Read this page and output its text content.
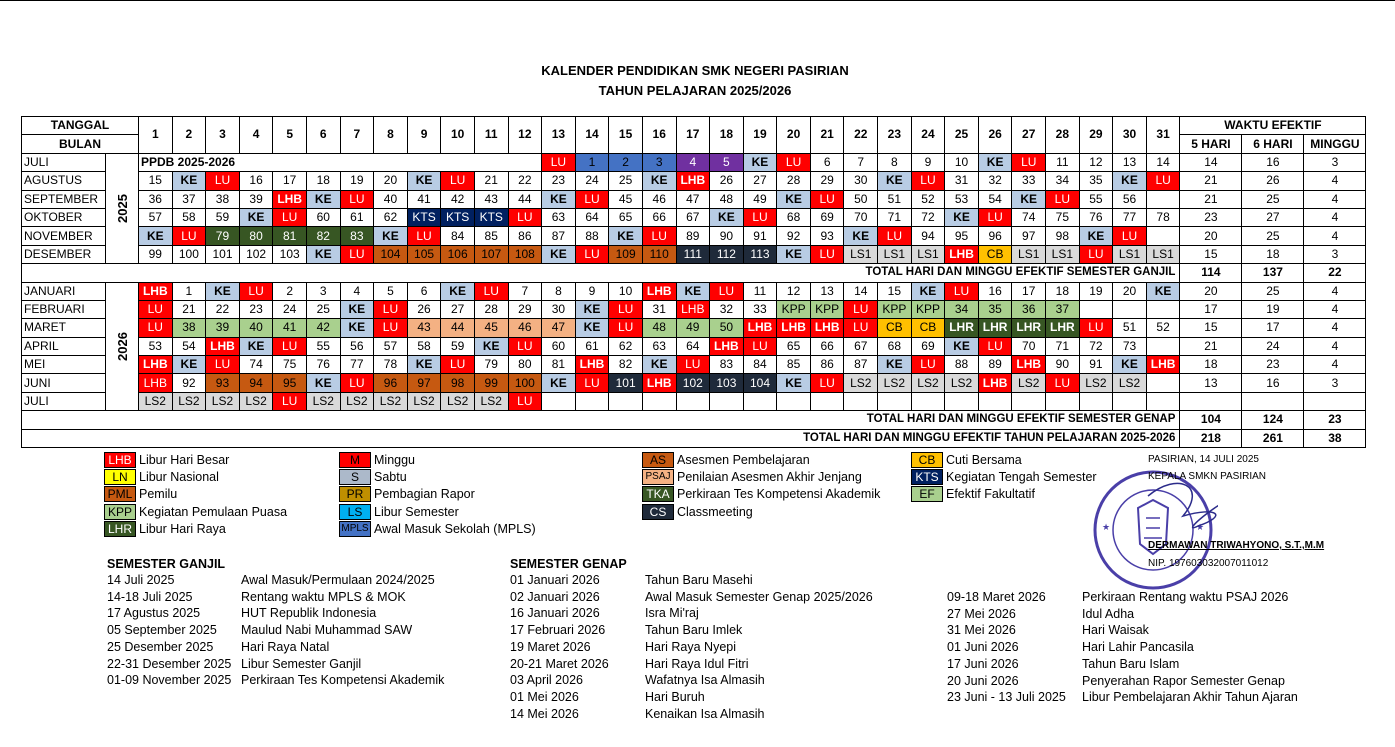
KALENDER PENDIDIKAN SMK NEGERI PASIRIAN
TAHUN PELAJARAN 2025/2026
TANGGAL		1	2	3	4	5	6	7	8	9	10	11	12	13	14	15	16	17	18	19	20	21	22	23	24	25	26	27	28	29	30	31	WAKTU EFEKTIF		
BULAN																																	5 HARI	6 HARI	MINGGU
JULI	2025	PPDB 2025-2026												LU	1	2	3	4	5	KE	LU	6	7	8	9	10	KE	LU	11	12	13	14	14	16	3
AGUSTUS		15	KE	LU	16	17	18	19	20	KE	LU	21	22	23	24	25	KE	LHB	26	27	28	29	30	KE	LU	31	32	33	34	35	KE	LU	21	26	4
SEPTEMBER		36	37	38	39	LHB	KE	LU	40	41	42	43	44	KE	LU	45	46	47	48	49	KE	LU	50	51	52	53	54	KE	LU	55	56		21	25	4
OKTOBER		57	58	59	KE	LU	60	61	62	KTS	KTS	KTS	LU	63	64	65	66	67	KE	LU	68	69	70	71	72	KE	LU	74	75	76	77	78	23	27	4
NOVEMBER		KE	LU	79	80	81	82	83	KE	LU	84	85	86	87	88	KE	LU	89	90	91	92	93	KE	LU	94	95	96	97	98	KE	LU		20	25	4
DESEMBER		99	100	101	102	103	KE	LU	104	105	106	107	108	KE	LU	109	110	111	112	113	KE	LU	LS1	LS1	LS1	LHB	CB	LS1	LS1	LU	LS1	LS1	15	18	3
TOTAL HARI DAN MINGGU EFEKTIF SEMESTER GANJIL																																	114	137	22
JANUARI	2026	LHB	1	KE	LU	2	3	4	5	6	KE	LU	7	8	9	10	LHB	KE	LU	11	12	13	14	15	KE	LU	16	17	18	19	20	KE	20	25	4
FEBRUARI		LU	21	22	23	24	25	KE	LU	26	27	28	29	30	KE	LU	31	LHB	32	33	KPP	KPP	LU	KPP	KPP	34	35	36	37				17	19	4
MARET		LU	38	39	40	41	42	KE	LU	43	44	45	46	47	KE	LU	48	49	50	LHB	LHB	LHB	LU	CB	CB	LHR	LHR	LHR	LHR	LU	51	52	15	17	4
APRIL		53	54	LHB	KE	LU	55	56	57	58	59	KE	LU	60	61	62	63	64	LHB	LU	65	66	67	68	69	KE	LU	70	71	72	73		21	24	4
MEI		LHB	KE	LU	74	75	76	77	78	KE	LU	79	80	81	LHB	82	KE	LU	83	84	85	86	87	KE	LU	88	89	LHB	90	91	KE	LHB	18	23	4
JUNI		LHB	92	93	94	95	KE	LU	96	97	98	99	100	KE	LU	101	LHB	102	103	104	KE	LU	LS2	LS2	LS2	LS2	LHB	LS2	LU	LS2	LS2		13	16	3
JULI		LS2	LS2	LS2	LS2	LU	LS2	LS2	LS2	LS2	LS2	LS2	LU																						
TOTAL HARI DAN MINGGU EFEKTIF SEMESTER GENAP																																	104	124	23
TOTAL HARI DAN MINGGU EFEKTIF TAHUN PELAJARAN 2025-2026																																	218	261	38
LHB Libur Hari Besar
LN Libur Nasional
PML Pemilu
KPP Kegiatan Pemulaan Puasa
LHR Libur Hari Raya
M	Minggu
S	Sabtu
PR Pembagian Rapor
LS Libur Semester
MPLS Awal Masuk Sekolah (MPLS)
AS Asesmen Pembelajaran
PSAJ Penilaian Asesmen Akhir Jenjang
TKA Perkiraan Tes Kompetensi Akademik
CS Classmeeting
CB Cuti Bersama
KTS Kegiatan Tengah Semester
EF Efektif Fakultatif
★	★
PASIRIAN, 14 JULI 2025
KEPALA SMKN PASIRIAN
DERMAWAN TRIWAHYONO, S.T.,M.M
NIP. 197603032007011012
SEMESTER GANJIL	SEMESTER GENAP
14 Juli 2025	Awal Masuk/Permulaan 2024/2025
14-18 Juli 2025	Rentang waktu MPLS & MOK
17 Agustus 2025	HUT Republik Indonesia
05 September 2025 Maulud Nabi Muhammad SAW
25 Desember 2025 Hari Raya Natal
22-31 Desember 2025 Libur Semester Ganjil
01-09 November 2025 Perkiraan Tes Kompetensi Akademik
01 Januari 2026	Tahun Baru Masehi
02 Januari 2026	Awal Masuk Semester Genap 2025/2026
16 Januari 2026	Isra Mi'raj
17 Februari 2026	Tahun Baru Imlek
19 Maret 2026	Hari Raya Nyepi
20-21 Maret 2026	Hari Raya Idul Fitri
03 April 2026	Wafatnya Isa Almasih
01 Mei 2026	Hari Buruh
14 Mei 2026	Kenaikan Isa Almasih
09-18 Maret 2026	Perkiraan Rentang waktu PSAJ 2026
27 Mei 2026	Idul Adha
31 Mei 2026	Hari Waisak
01 Juni 2026	Hari Lahir Pancasila
17 Juni 2026	Tahun Baru Islam
20 Juni 2026	Penyerahan Rapor Semester Genap
23 Juni - 13 Juli 2025 Libur Pembelajaran Akhir Tahun Ajaran
